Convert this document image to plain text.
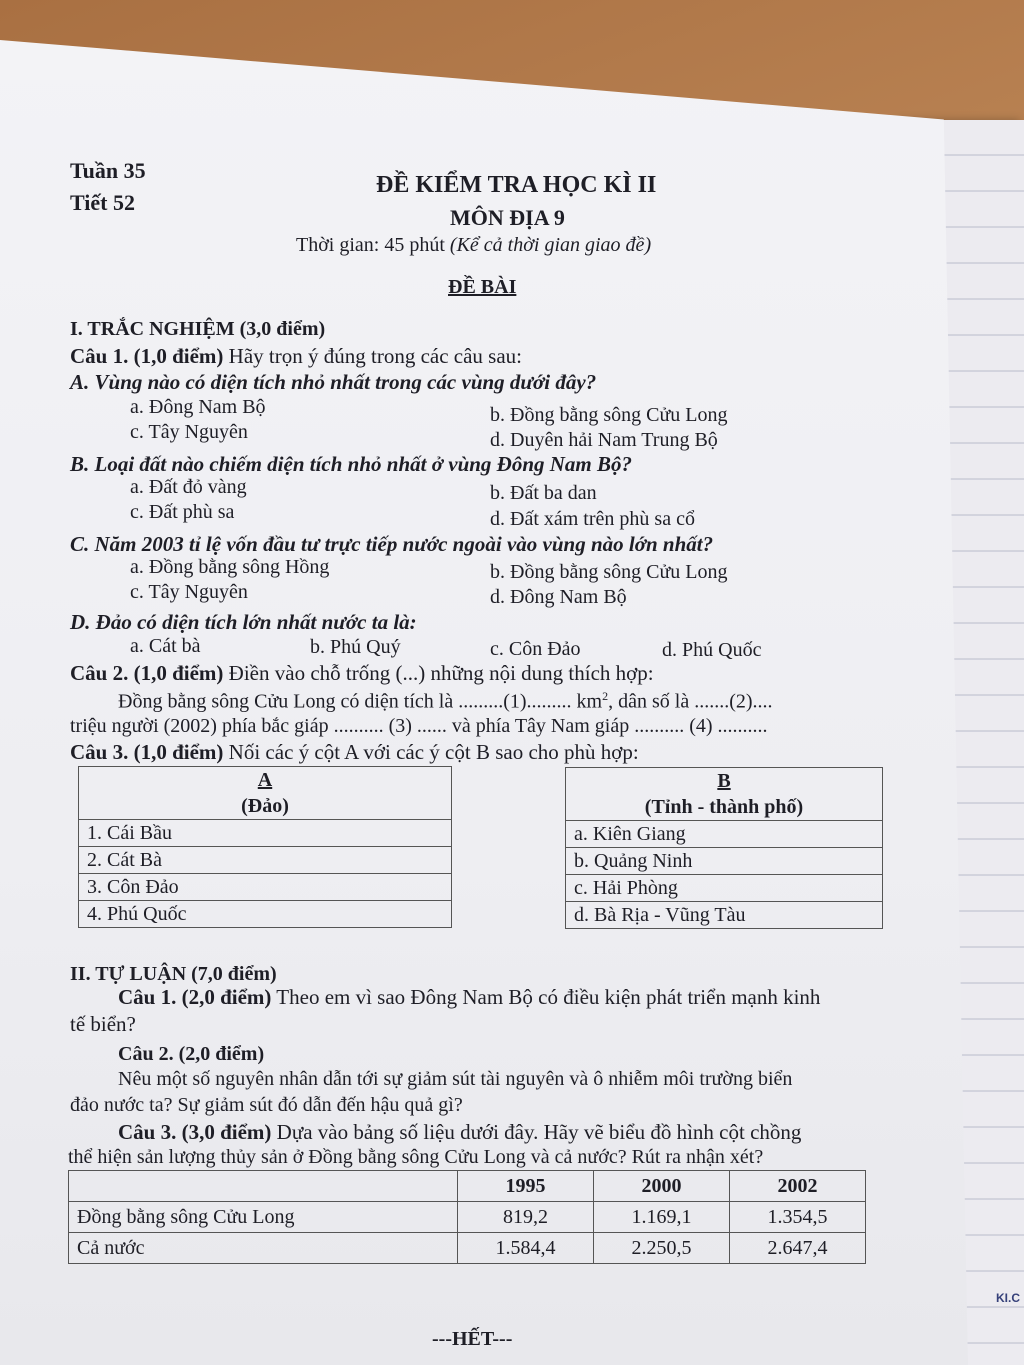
KI.C
Tuần 35
Tiết 52
ĐỀ KIỂM TRA HỌC KÌ II
MÔN ĐỊA 9
Thời gian: 45 phút (Kể cả thời gian giao đề)
ĐỀ BÀI
I. TRẮC NGHIỆM (3,0 điểm)
Câu 1. (1,0 điểm) Hãy trọn ý đúng trong các câu sau:
A. Vùng nào có diện tích nhỏ nhất trong các vùng dưới đây?
a. Đông Nam Bộ	b. Đồng bằng sông Cửu Long
c. Tây Nguyên	d. Duyên hải Nam Trung Bộ
B. Loại đất nào chiếm diện tích nhỏ nhất ở vùng Đông Nam Bộ?
a. Đất đỏ vàng	b. Đất ba dan
c. Đất phù sa	d. Đất xám trên phù sa cổ
C. Năm 2003 tỉ lệ vốn đầu tư trực tiếp nước ngoài vào vùng nào lớn nhất?
a. Đồng bằng sông Hồng	b. Đồng bằng sông Cửu Long
c. Tây Nguyên	d. Đông Nam Bộ
D. Đảo có diện tích lớn nhất nước ta là:
a. Cát bà	b. Phú Quý	c. Côn Đảo	d. Phú Quốc
Câu 2. (1,0 điểm) Điền vào chỗ trống (...) những nội dung thích hợp:
Đồng bằng sông Cửu Long có diện tích là .........(1)......... $km^2$, dân số là .......(2)....
triệu người (2002) phía bắc giáp .......... (3) ...... và phía Tây Nam giáp .......... (4) ..........
Câu 3. (1,0 điểm) Nối các ý cột A với các ý cột B sao cho phù hợp:
A
(Đảo)

1. Cái Bầu
2. Cát Bà
3. Côn Đảo
4. Phú Quốc
B
(Tỉnh - thành phố)

a. Kiên Giang
b. Quảng Ninh
c. Hải Phòng
d. Bà Rịa - Vũng Tàu
II. TỰ LUẬN (7,0 điểm)
Câu 1. (2,0 điểm) Theo em vì sao Đông Nam Bộ có điều kiện phát triển mạnh kinh
tế biển?
Câu 2. (2,0 điểm)
Nêu một số nguyên nhân dẫn tới sự giảm sút tài nguyên và ô nhiễm môi trường biển
đảo nước ta? Sự giảm sút đó dẫn đến hậu quả gì?
Câu 3. (3,0 điểm) Dựa vào bảng số liệu dưới đây. Hãy vẽ biểu đồ hình cột chồng
thể hiện sản lượng thủy sản ở Đồng bằng sông Cửu Long và cả nước? Rút ra nhận xét?
	1995	2000	2002
Đồng bằng sông Cửu Long	819,2	1.169,1	1.354,5
Cả nước	1.584,4	2.250,5	2.647,4
---HẾT---
